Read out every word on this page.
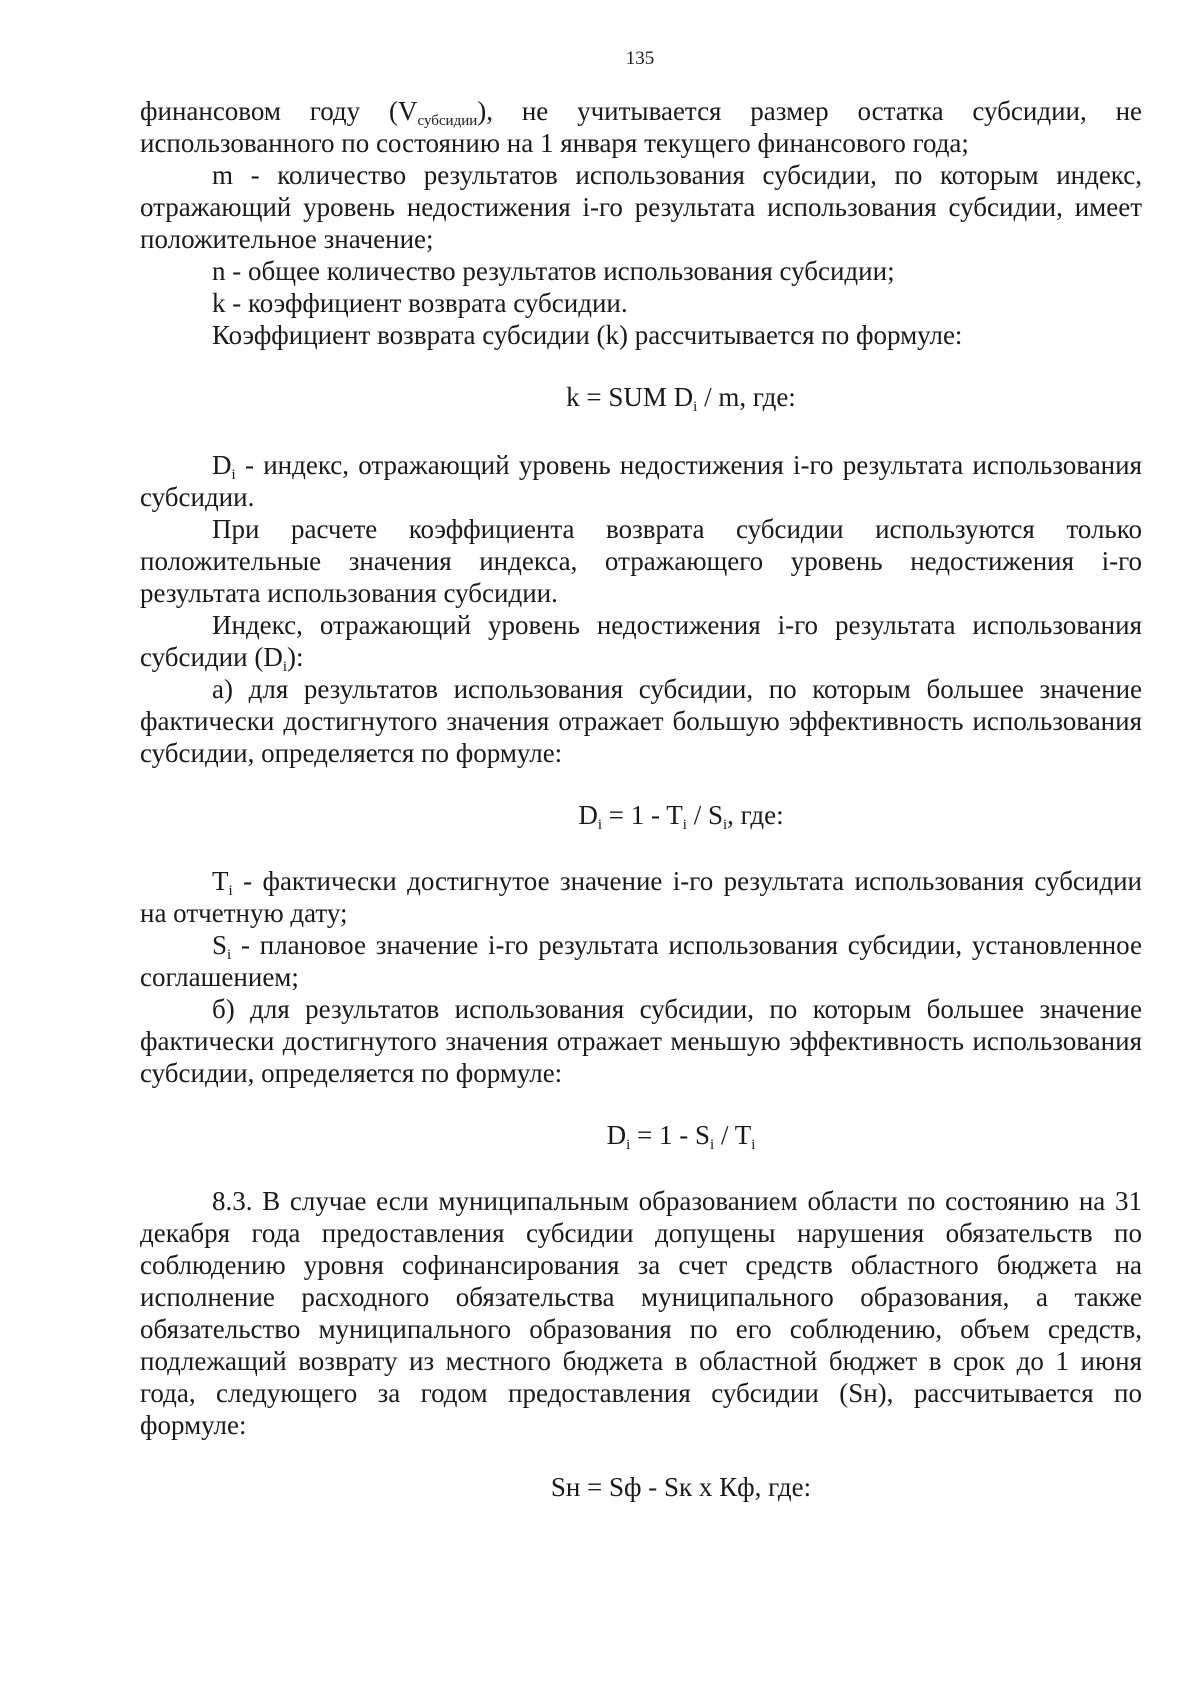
135

финансовом году $(V_{субсидии})$, не учитывается размер остатка субсидии, не использованного по состоянию на 1 января текущего финансового года;

m - количество результатов использования субсидии, по которым индекс, отражающий уровень недостижения i-го результата использования субсидии, имеет положительное значение;

n - общее количество результатов использования субсидии;

k - коэффициент возврата субсидии.

Коэффициент возврата субсидии (k) рассчитывается по формуле:

k = SUM $D_i$ / m, где:

$D_i$ - индекс, отражающий уровень недостижения i-го результата использования субсидии.

При расчете коэффициента возврата субсидии используются только положительные значения индекса, отражающего уровень недостижения i-го результата использования субсидии.

Индекс, отражающий уровень недостижения i-го результата использования субсидии $(D_i)$:

а) для результатов использования субсидии, по которым большее значение фактически достигнутого значения отражает большую эффективность использования субсидии, определяется по формуле:

$D_i = 1 - T_i / S_i$, где:

$T_i$ - фактически достигнутое значение i-го результата использования субсидии на отчетную дату;

$S_i$ - плановое значение i-го результата использования субсидии, установленное соглашением;

б) для результатов использования субсидии, по которым большее значение фактически достигнутого значения отражает меньшую эффективность использования субсидии, определяется по формуле:

$D_i = 1 - S_i / T_i$

8.3. В случае если муниципальным образованием области по состоянию на 31 декабря года предоставления субсидии допущены нарушения обязательств по соблюдению уровня софинансирования за счет средств областного бюджета на исполнение расходного обязательства муниципального образования, а также обязательство муниципального образования по его соблюдению, объем средств, подлежащий возврату из местного бюджета в областной бюджет в срок до 1 июня года, следующего за годом предоставления субсидии (Sн), рассчитывается по формуле:

Sн = Sф - Sк x Кф, где:
